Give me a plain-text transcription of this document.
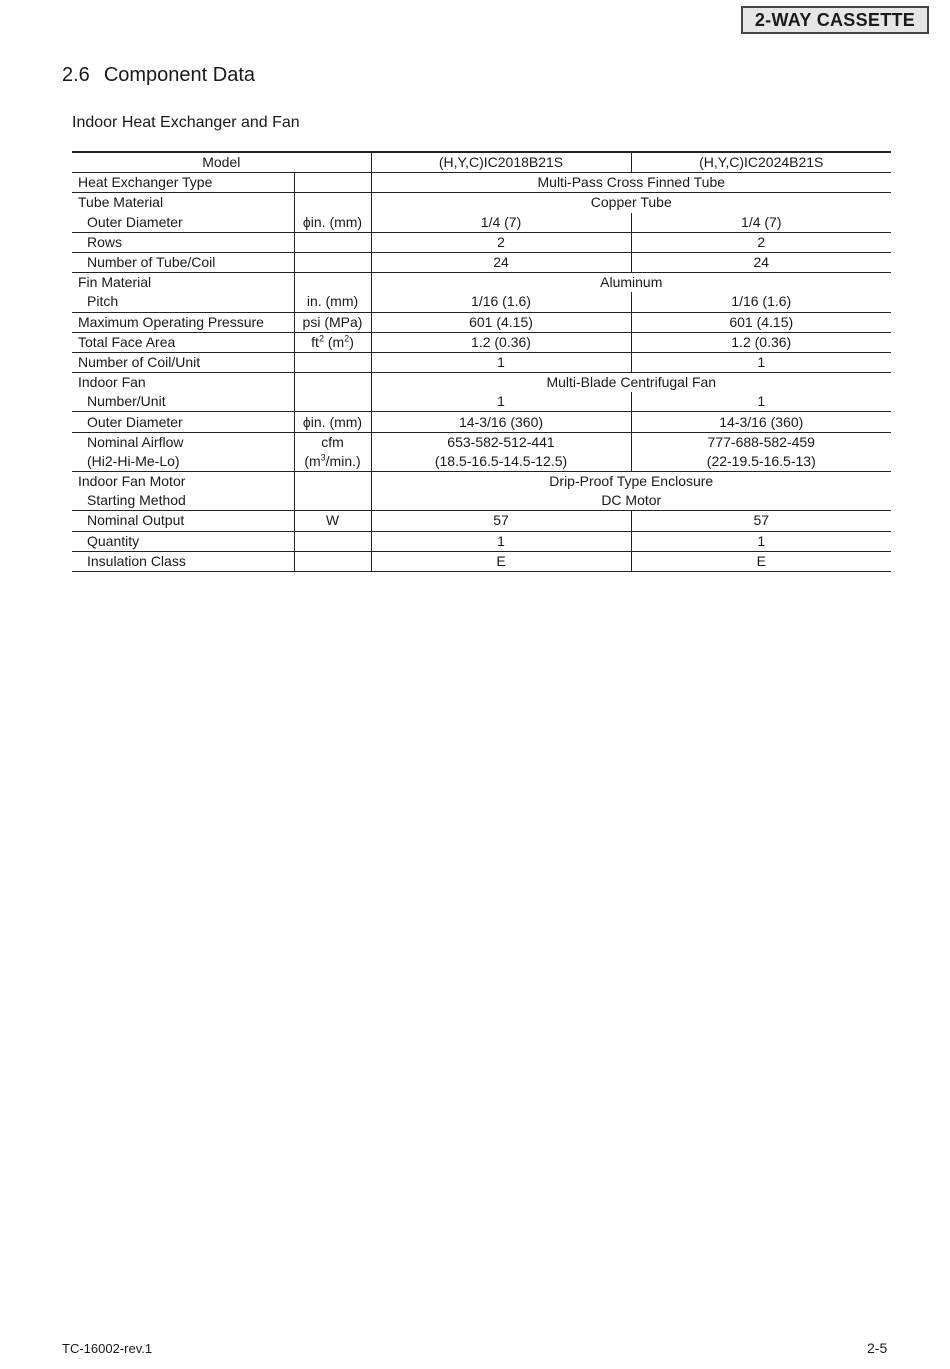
2-WAY CASSETTE
2.6 Component Data
Indoor Heat Exchanger and Fan
Model		(H,Y,C)IC2018B21S	(H,Y,C)IC2024B21S
Heat Exchanger Type		Multi-Pass Cross Finned Tube	
Tube Material		Copper Tube	
Outer Diameter	ϕin. (mm)	1/4 (7)	1/4 (7)
Rows		2	2
Number of Tube/Coil		24	24
Fin Material		Aluminum	
Pitch	in. (mm)	1/16 (1.6)	1/16 (1.6)
Maximum Operating Pressure	psi (MPa)	601 (4.15)	601 (4.15)
Total Face Area	$ft^2$ $(m^2)$	1.2 (0.36)	1.2 (0.36)
Number of Coil/Unit		1	1
Indoor Fan		Multi-Blade Centrifugal Fan	
Number/Unit		1	1
Outer Diameter	ϕin. (mm)	14-3/16 (360)	14-3/16 (360)
Nominal Airflow	cfm	653-582-512-441	777-688-582-459
(Hi2-Hi-Me-Lo)	$(m^3/\min.)$	(18.5-16.5-14.5-12.5)	(22-19.5-16.5-13)
Indoor Fan Motor		Drip-Proof Type Enclosure	
Starting Method		DC Motor	
Nominal Output	W	57	57
Quantity		1	1
Insulation Class		E	E
TC-16002-rev.1	2-5
